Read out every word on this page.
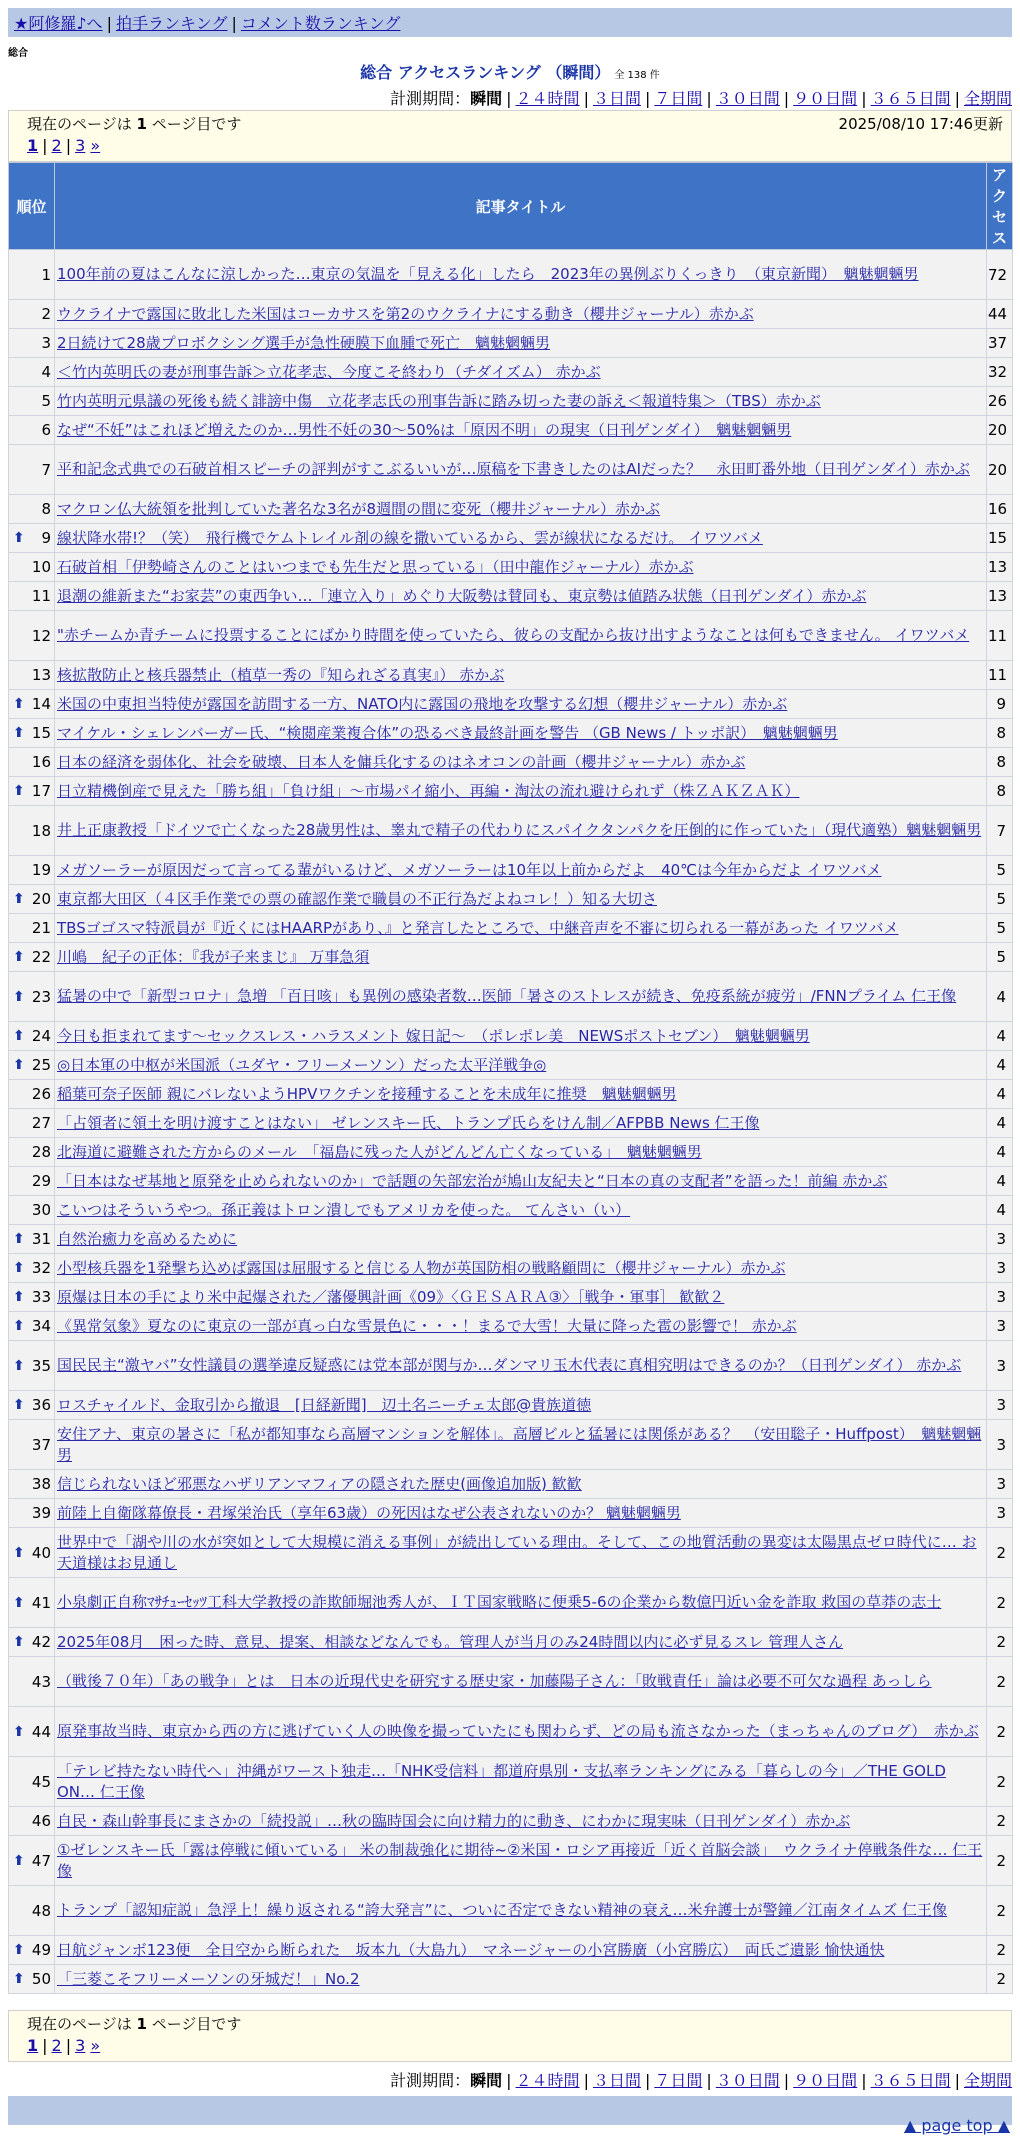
★阿修羅♪へ | 拍手ランキング | コメント数ランキング
総合
総合 アクセスランキング （瞬間） 全 138 件
計測期間：瞬間 | ２４時間 | ３日間 | ７日間 | ３０日間 | ９０日間 | ３６５日間 | 全期間
現在のページは 1 ページ目です	2025/08/10 17:46更新
1 | 2 | 3 »
順位	記事タイトル	アクセス
1	100年前の夏はこんなに涼しかった…東京の気温を「見える化」したら　2023年の異例ぶりくっきり　（東京新聞）　魑魅魍魎男	72
2	ウクライナで露国に敗北した米国はコーカサスを第2のウクライナにする動き（櫻井ジャーナル）赤かぶ	44
3	2日続けて28歳プロボクシング選手が急性硬膜下血腫で死亡　魑魅魍魎男	37
4	＜竹内英明氏の妻が刑事告訴＞立花孝志、今度こそ終わり（チダイズム） 赤かぶ	32
5	竹内英明元県議の死後も続く誹謗中傷　立花孝志氏の刑事告訴に踏み切った妻の訴え＜報道特集＞（TBS）赤かぶ	26
6	なぜ“不妊”はこれほど増えたのか…男性不妊の30～50%は「原因不明」の現実（日刊ゲンダイ）　魑魅魍魎男	20
7	平和記念式典での石破首相スピーチの評判がすこぶるいいが…原稿を下書きしたのはAIだった？　永田町番外地（日刊ゲンダイ）赤かぶ	20
8	マクロン仏大統領を批判していた著名な3名が8週間の間に変死（櫻井ジャーナル）赤かぶ	16

⬆ 9	線状降水帯!？（笑）　飛行機でケムトレイル剤の線を撒いているから、雲が線状になるだけ。 イワツバメ	15
10	石破首相「伊勢崎さんのことはいつまでも先生だと思っている」（田中龍作ジャーナル）赤かぶ	13
11	退潮の維新また“お家芸”の東西争い…「連立入り」めぐり大阪勢は賛同も、東京勢は値踏み状態（日刊ゲンダイ）赤かぶ	13
12	"赤チームか青チームに投票することにばかり時間を使っていたら、彼らの支配から抜け出すようなことは何もできません。 イワツバメ	11
13	核拡散防止と核兵器禁止（植草一秀の『知られざる真実』） 赤かぶ	11

⬆ 14	米国の中東担当特使が露国を訪問する一方、NATO内に露国の飛地を攻撃する幻想（櫻井ジャーナル）赤かぶ	9

⬆ 15	マイケル・シェレンバーガー氏、“検閲産業複合体”の恐るべき最終計画を警告 （GB News / トッポ訳）　魑魅魍魎男	8
16	日本の経済を弱体化、社会を破壊、日本人を傭兵化するのはネオコンの計画（櫻井ジャーナル）赤かぶ	8

⬆ 17	日立精機倒産で見えた「勝ち組」「負け組」～市場パイ縮小、再編・淘汰の流れ避けられず（株ＺＡＫＺＡＫ）	8
18	井上正康教授「ドイツで亡くなった28歳男性は、睾丸で精子の代わりにスパイクタンパクを圧倒的に作っていた」（現代適塾）魑魅魍魎男	7
19	メガソーラーが原因だって言ってる輩がいるけど、メガソーラーは10年以上前からだよ　40℃は今年からだよ イワツバメ	5

⬆ 20	東京都大田区（４区手作業での票の確認作業で職員の不正行為だよねコレ！）知る大切さ	5
21	TBSゴゴスマ特派員が『近くにはHAARPがあり、』と発言したところで、中継音声を不審に切られる一幕があった イワツバメ	5

⬆ 22	川嶋　紀子の正体：『我が子来まじ』 万事急須	5

⬆ 23	猛暑の中で「新型コロナ」急増 「百日咳」も異例の感染者数…医師「暑さのストレスが続き、免疫系統が疲労」/FNNプライム 仁王像	4

⬆ 24	今日も拒まれてます～セックスレス・ハラスメント 嫁日記～　（ポレポレ美　NEWSポストセブン）　魑魅魍魎男	4

⬆ 25	◎日本軍の中枢が米国派（ユダヤ・フリーメーソン）だった太平洋戦争◎	4
26	稲葉可奈子医師 親にバレないようHPVワクチンを接種することを未成年に推奨　魑魅魍魎男	4
27	「占領者に領土を明け渡すことはない」 ゼレンスキー氏、トランプ氏らをけん制／AFPBB News 仁王像	4
28	北海道に避難された方からのメール　「福島に残った人がどんどん亡くなっている」　魑魅魍魎男	4
29	「日本はなぜ基地と原発を止められないのか」で話題の矢部宏治が鳩山友紀夫と“日本の真の支配者”を語った！前編 赤かぶ	4
30	こいつはそういうやつ。孫正義はトロン潰しでもアメリカを使った。 てんさい（い）	4

⬆ 31	自然治癒力を高めるために	3

⬆ 32	小型核兵器を1発撃ち込めば露国は屈服すると信じる人物が英国防相の戦略顧問に（櫻井ジャーナル）赤かぶ	3

⬆ 33	原爆は日本の手により米中起爆された／藩優興計画《09》〈ＧＥＳＡＲＡ③〉［戦争・軍事］ 歓歓２	3

⬆ 34	《異常気象》夏なのに東京の一部が真っ白な雪景色に・・・！まるで大雪！大量に降った雹の影響で！ 赤かぶ	3

⬆ 35	国民民主“激ヤバ”女性議員の選挙違反疑惑には党本部が関与か…ダンマリ玉木代表に真相究明はできるのか？（日刊ゲンダイ） 赤かぶ	3

⬆ 36	ロスチャイルド、金取引から撤退　[日経新聞]　辺土名ニーチェ太郎@貴族道徳	3
37	安住アナ、東京の暑さに「私が都知事なら高層マンションを解体」。高層ビルと猛暑には関係がある？　（安田聡子・Huffpost）　魑魅魍魎男	3
38	信じられないほど邪悪なハザリアンマフィアの隠された歴史(画像追加版) 歓歓	3
39	前陸上自衛隊幕僚長・君塚栄治氏（享年63歳）の死因はなぜ公表されないのか？ 魑魅魍魎男	3

⬆ 40	世界中で「湖や川の水が突如として大規模に消える事例」が続出している理由。そして、この地質活動の異変は太陽黒点ゼロ時代に… お天道様はお見通し	2

⬆ 41	小泉劇正自称ﾏｻﾁｭｰｾｯﾂ工科大学教授の詐欺師堀池秀人が、ＩＴ国家戦略に便乗5-6の企業から数億円近い金を詐取 救国の草莽の志士	2

⬆ 42	2025年08月　困った時、意見、提案、相談などなんでも。管理人が当月のみ24時間以内に必ず見るスレ 管理人さん	2
43	（戦後７０年）「あの戦争」とは　日本の近現代史を研究する歴史家・加藤陽子さん：「敗戦責任」論は必要不可欠な過程 あっしら	2

⬆ 44	原発事故当時、東京から西の方に逃げていく人の映像を撮っていたにも関わらず、どの局も流さなかった（まっちゃんのブログ）　赤かぶ	2
45	「テレビ持たない時代へ」沖縄がワースト独走…「NHK受信料」都道府県別・支払率ランキングにみる「暮らしの今」／THE GOLD ON… 仁王像	2
46	自民・森山幹事長にまさかの「続投説」…秋の臨時国会に向け精力的に動き、にわかに現実味（日刊ゲンダイ）赤かぶ	2

⬆ 47	①ゼレンスキー氏「露は停戦に傾いている」 米の制裁強化に期待~②米国・ロシア再接近「近く首脳会談」　ウクライナ停戦条件な… 仁王像	2
48	トランプ「認知症説」急浮上！繰り返される“誇大発言”に、ついに否定できない精神の衰え…米弁護士が警鐘／江南タイムズ 仁王像	2

⬆ 49	日航ジャンボ123便　全日空から断られた　坂本九（大島九）　マネージャーの小宮勝廣（小宮勝広）　両氏ご遺影 愉快通快	2

⬆ 50	「三菱こそフリーメーソンの牙城だ！」No.2	2
現在のページは 1 ページ目です
1 | 2 | 3 »
計測期間：瞬間 | ２４時間 | ３日間 | ７日間 | ３０日間 | ９０日間 | ３６５日間 | 全期間
▲ page top ▲
